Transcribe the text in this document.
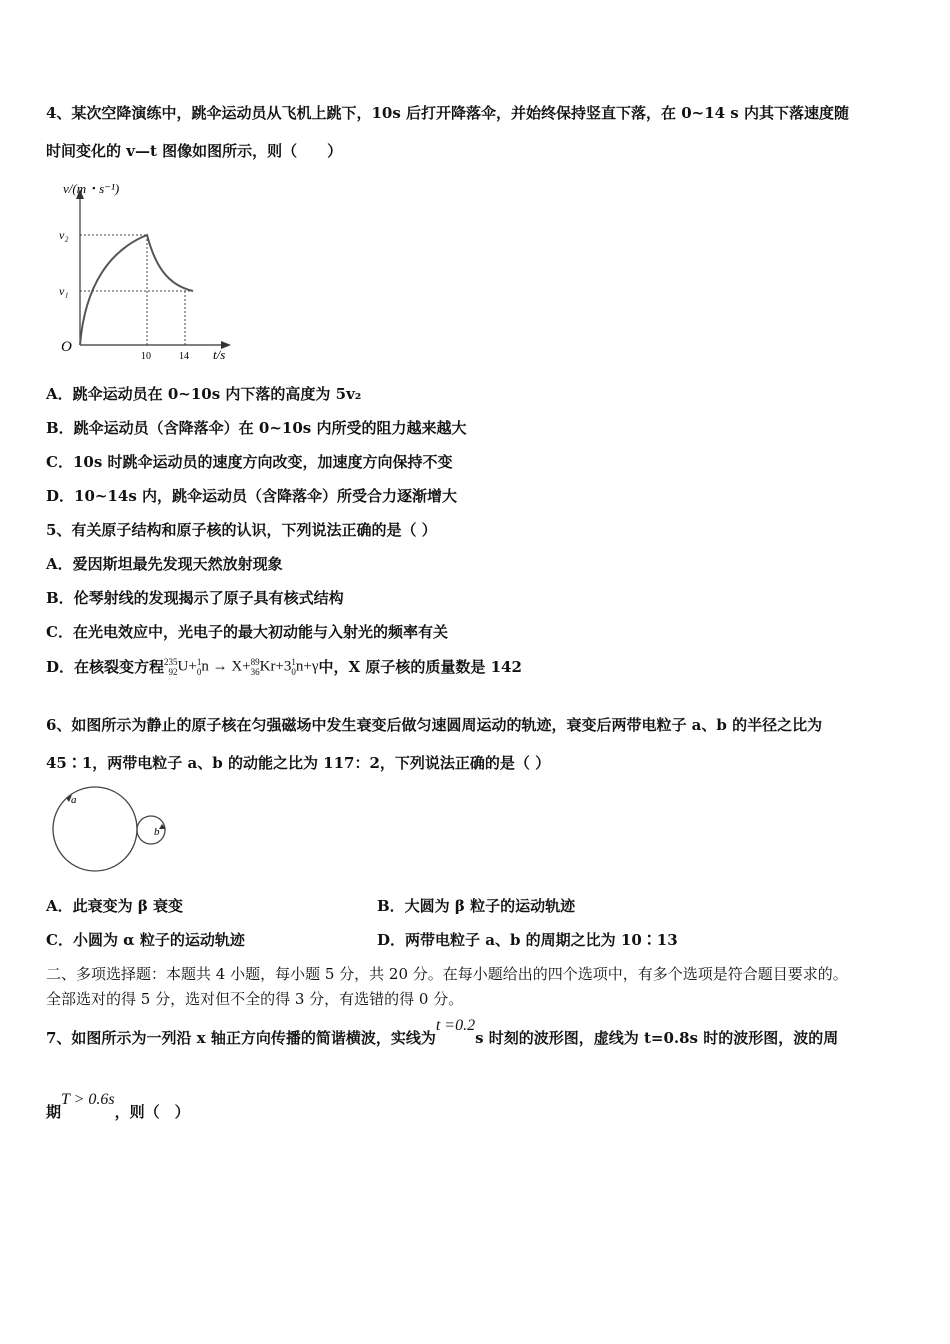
4、某次空降演练中，跳伞运动员从飞机上跳下，10s 后打开降落伞，并始终保持竖直下落，在 0~14 s 内其下落速度随
时间变化的 v—t 图像如图所示，则（　　）
v/(m・s⁻¹)
v₂
v₁
O
10	14 t/s
A．跳伞运动员在 0~10s 内下落的高度为 5v₂
B．跳伞运动员（含降落伞）在 0~10s 内所受的阻力越来越大
C．10s 时跳伞运动员的速度方向改变，加速度方向保持不变
D．10~14s 内，跳伞运动员（含降落伞）所受合力逐渐增大
5、有关原子结构和原子核的认识，下列说法正确的是（ ）
A．爱因斯坦最先发现天然放射现象
B．伦琴射线的发现揭示了原子具有核式结构
C．在光电效应中，光电子的最大初动能与入射光的频率有关
D．在核裂变方程 235
92 U+ 1
0 n → X+ 89
36 Kr+3 1
0 n+γ中，X 原子核的质量数是 142
6、如图所示为静止的原子核在匀强磁场中发生衰变后做匀速圆周运动的轨迹，衰变后两带电粒子 a、b 的半径之比为
45∶1，两带电粒子 a、b 的动能之比为 117：2，下列说法正确的是（ ）
a
b
A．此衰变为 β 衰变	B．大圆为 β 粒子的运动轨迹
C．小圆为 α 粒子的运动轨迹	D．两带电粒子 a、b 的周期之比为 10∶13
二、多项选择题：本题共 4 小题，每小题 5 分，共 20 分。在每小题给出的四个选项中，有多个选项是符合题目要求的。
全部选对的得 5 分，选对但不全的得 3 分，有选错的得 0 分。
7、如图所示为一列沿 x 轴正方向传播的简谐横波，实线为t =0.2s 时刻的波形图，虚线为 t=0.8s 时的波形图，波的周
期T > 0.6s，则（　）
